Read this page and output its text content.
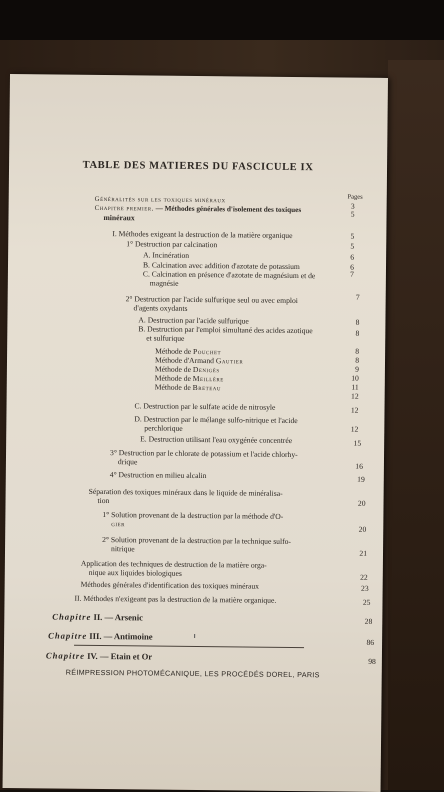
TABLE DES MATIERES DU FASCICULE IX
Généralités sur les toxiques minéraux	Pages
3
Chapitre premier. — Méthodes générales d'isolement des toxiques
minéraux	5
I. Méthodes exigeant la destruction de la matière organique	5
1° Destruction par calcination	5
A. Incinération	6
B. Calcination avec addition d'azotate de potassium	6
C. Calcination en présence d'azotate de magnésium et de	7
magnésie
2° Destruction par l'acide sulfurique seul ou avec emploi	7
d'agents oxydants
A. Destruction par l'acide sulfurique	8
B. Destruction par l'emploi simultané des acides azotique	8
et sulfurique
Méthode de Pouchet	8
Méthode d'Armand Gautier	8
Méthode de Denigès	9
Méthode de Meillère	10
Méthode de Breteau	11
12
C. Destruction par le sulfate acide de nitrosyle	12
D. Destruction par le mélange sulfo-nitrique et l'acide
perchlorique	12
E. Destruction utilisant l'eau oxygénée concentrée	15
3° Destruction par le chlorate de potassium et l'acide chlorhy-
drique	16
4° Destruction en milieu alcalin	19
Séparation des toxiques minéraux dans le liquide de minéralisa-
tion	20
1° Solution provenant de la destruction par la méthode d'O-
gier
20
2° Solution provenant de la destruction par la technique sulfo-
nitrique	21
Application des techniques de destruction de la matière orga-
nique aux liquides biologiques	22
Méthodes générales d'identification des toxiques minéraux	23
II. Méthodes n'exigeant pas la destruction de la matière organique.	25
Chapitre II. — Arsenic	28
Chapitre III. — Antimoine
86
Chapitre IV. — Etain et Or	98
RÉIMPRESSION PHOTOMÉCANIQUE, LES PROCÉDÉS DOREL, PARIS
